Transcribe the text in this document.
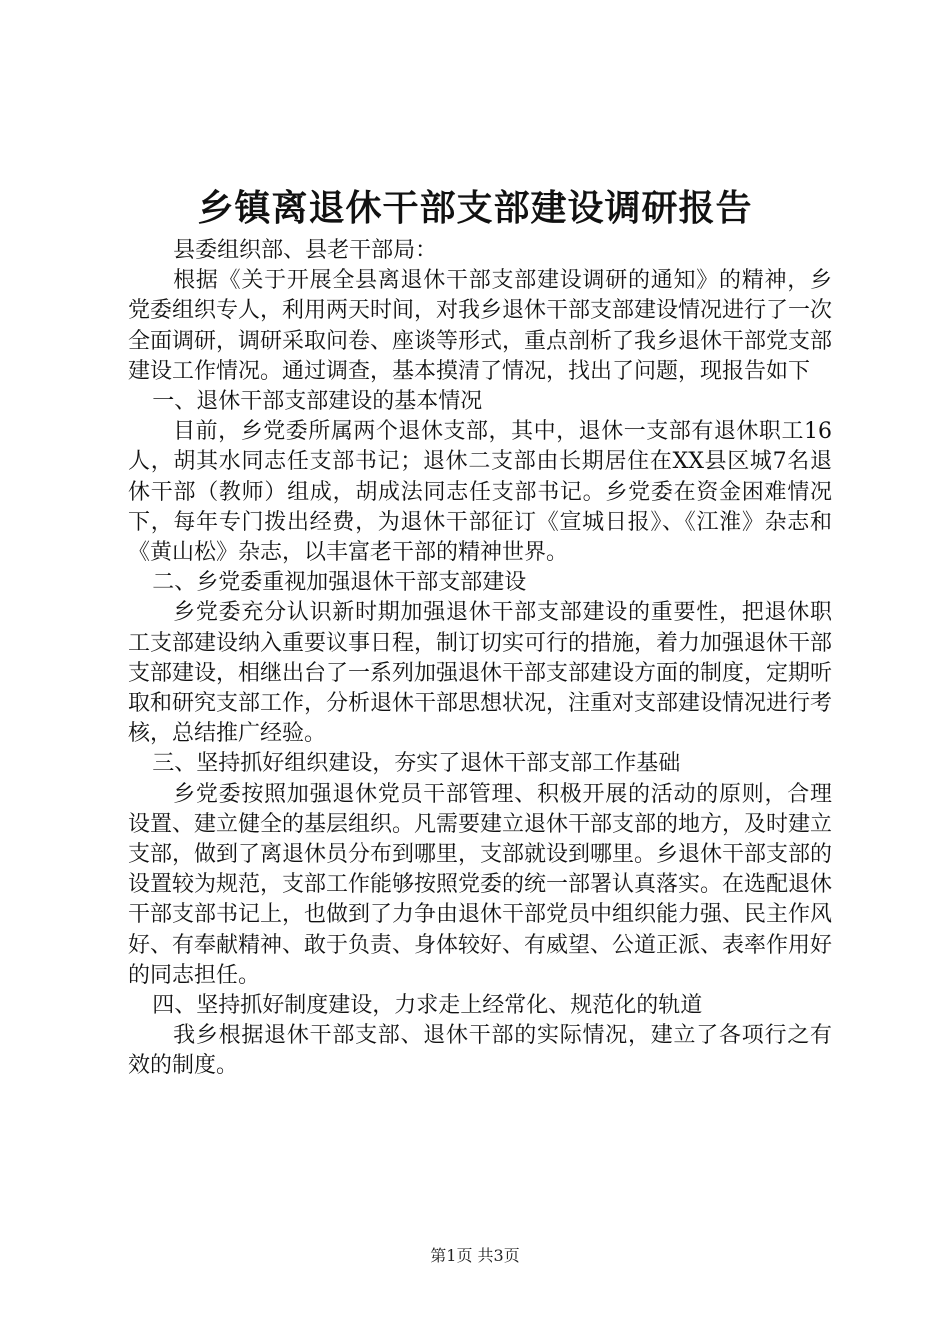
乡镇离退休干部支部建设调研报告

县委组织部、县老干部局：

根据《关于开展全县离退休干部支部建设调研的通知》的精神，乡党委组织专人，利用两天时间，对我乡退休干部支部建设情况进行了一次全面调研，调研采取问卷、座谈等形式，重点剖析了我乡退休干部党支部建设工作情况。通过调查，基本摸清了情况，找出了问题，现报告如下

一、退休干部支部建设的基本情况

目前，乡党委所属两个退休支部，其中，退休一支部有退休职工16人，胡其水同志任支部书记；退休二支部由长期居住在XX县区城7名退休干部（教师）组成，胡成法同志任支部书记。乡党委在资金困难情况下，每年专门拨出经费，为退休干部征订《宣城日报》、《江淮》杂志和《黄山松》杂志，以丰富老干部的精神世界。

二、乡党委重视加强退休干部支部建设

乡党委充分认识新时期加强退休干部支部建设的重要性，把退休职工支部建设纳入重要议事日程，制订切实可行的措施，着力加强退休干部支部建设，相继出台了一系列加强退休干部支部建设方面的制度，定期听取和研究支部工作，分析退休干部思想状况，注重对支部建设情况进行考核，总结推广经验。

三、坚持抓好组织建设，夯实了退休干部支部工作基础

乡党委按照加强退休党员干部管理、积极开展的活动的原则，合理设置、建立健全的基层组织。凡需要建立退休干部支部的地方，及时建立支部，做到了离退休员分布到哪里，支部就设到哪里。乡退休干部支部的设置较为规范，支部工作能够按照党委的统一部署认真落实。在选配退休干部支部书记上，也做到了力争由退休干部党员中组织能力强、民主作风好、有奉献精神、敢于负责、身体较好、有威望、公道正派、表率作用好的同志担任。

四、坚持抓好制度建设，力求走上经常化、规范化的轨道

我乡根据退休干部支部、退休干部的实际情况，建立了各项行之有效的制度。

第1页 共3页
